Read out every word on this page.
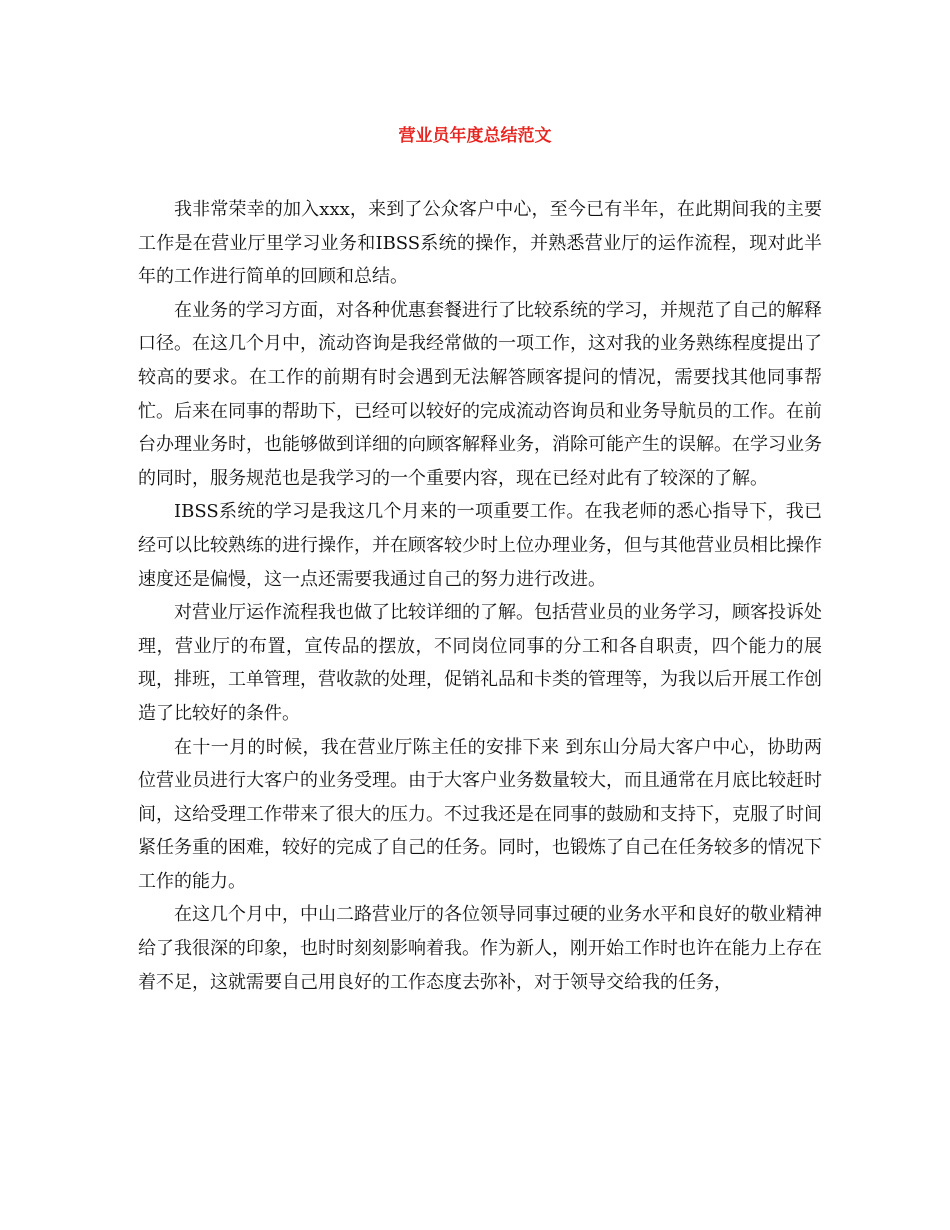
营业员年度总结范文

我非常荣幸的加入xxx，来到了公众客户中心，至今已有半年，在此期间我的主要工作是在营业厅里学习业务和IBSS系统的操作，并熟悉营业厅的运作流程，现对此半年的工作进行简单的回顾和总结。

在业务的学习方面，对各种优惠套餐进行了比较系统的学习，并规范了自己的解释口径。在这几个月中，流动咨询是我经常做的一项工作，这对我的业务熟练程度提出了较高的要求。在工作的前期有时会遇到无法解答顾客提问的情况，需要找其他同事帮忙。后来在同事的帮助下，已经可以较好的完成流动咨询员和业务导航员的工作。在前台办理业务时，也能够做到详细的向顾客解释业务，消除可能产生的误解。在学习业务的同时，服务规范也是我学习的一个重要内容，现在已经对此有了较深的了解。

IBSS系统的学习是我这几个月来的一项重要工作。在我老师的悉心指导下，我已经可以比较熟练的进行操作，并在顾客较少时上位办理业务，但与其他营业员相比操作速度还是偏慢，这一点还需要我通过自己的努力进行改进。

对营业厅运作流程我也做了比较详细的了解。包括营业员的业务学习，顾客投诉处理，营业厅的布置，宣传品的摆放，不同岗位同事的分工和各自职责，四个能力的展现，排班，工单管理，营收款的处理，促销礼品和卡类的管理等，为我以后开展工作创造了比较好的条件。

在十一月的时候，我在营业厅陈主任的安排下来 到东山分局大客户中心，协助两位营业员进行大客户的业务受理。由于大客户业务数量较大，而且通常在月底比较赶时间，这给受理工作带来了很大的压力。不过我还是在同事的鼓励和支持下，克服了时间紧任务重的困难，较好的完成了自己的任务。同时，也锻炼了自己在任务较多的情况下工作的能力。

在这几个月中，中山二路营业厅的各位领导同事过硬的业务水平和良好的敬业精神给了我很深的印象，也时时刻刻影响着我。作为新人，刚开始工作时也许在能力上存在着不足，这就需要自己用良好的工作态度去弥补，对于领导交给我的任务，
